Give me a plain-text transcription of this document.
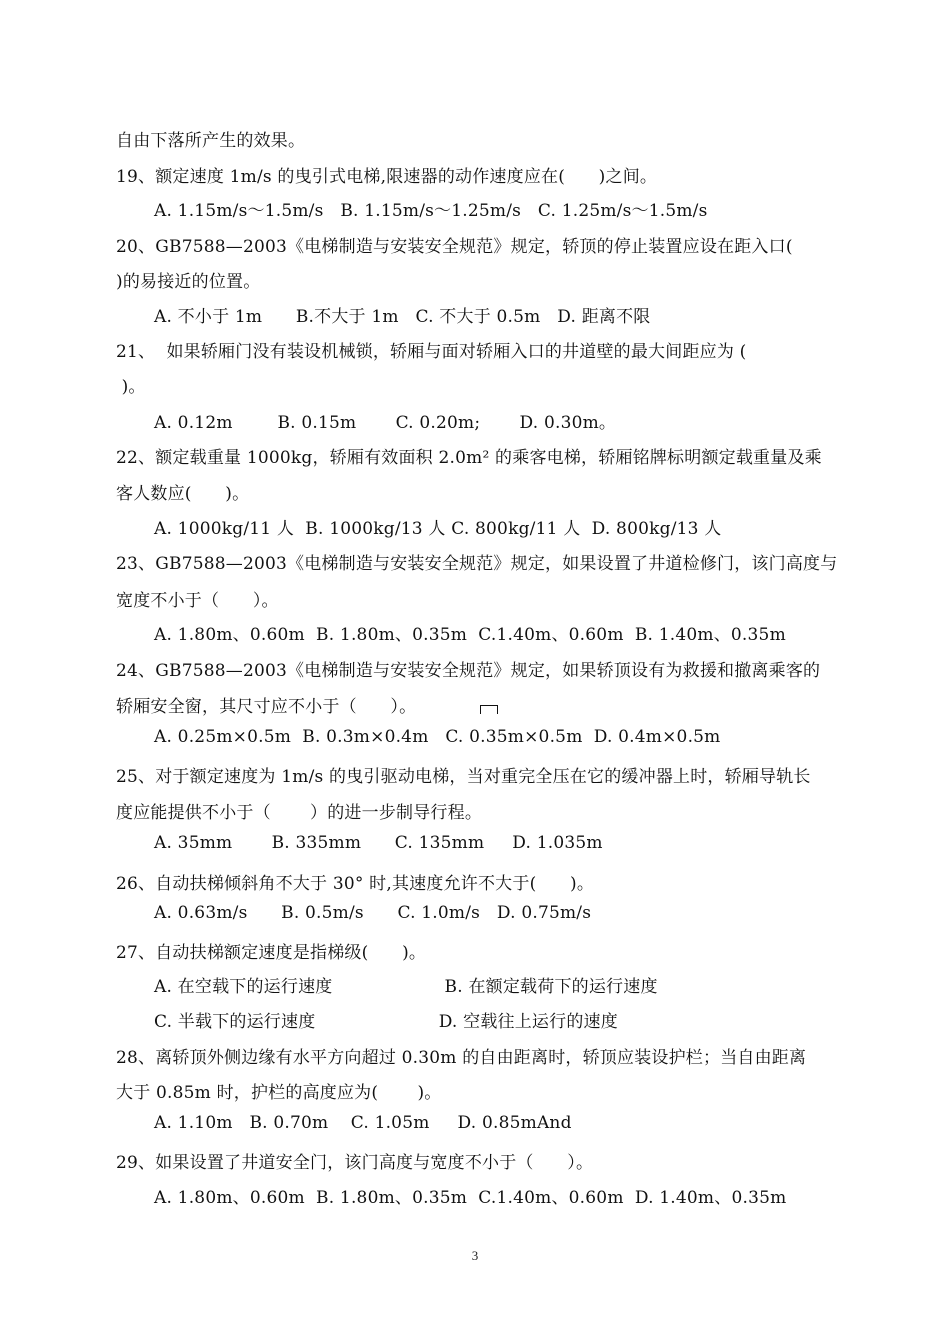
自由下落所产生的效果。
19、额定速度 1m/s 的曳引式电梯,限速器的动作速度应在(      )之间。
A. 1.15m/s～1.5m/s   B. 1.15m/s～1.25m/s   C. 1.25m/s～1.5m/s
20、GB7588—2003《电梯制造与安装安全规范》规定，轿顶的停止装置应设在距入口(
)的易接近的位置。
A. 不小于 1m      B.不大于 1m   C. 不大于 0.5m   D. 距离不限
21、  如果轿厢门没有装设机械锁，轿厢与面对轿厢入口的井道壁的最大间距应为 (
)。
A. 0.12m        B. 0.15m       C. 0.20m;       D. 0.30m。
22、额定载重量 1000kg，轿厢有效面积 2.0m² 的乘客电梯，轿厢铭牌标明额定载重量及乘
客人数应(      )。
A. 1000kg/11 人  B. 1000kg/13 人 C. 800kg/11 人  D. 800kg/13 人
23、GB7588—2003《电梯制造与安装安全规范》规定，如果设置了井道检修门，该门高度与
宽度不小于（      ）。
A. 1.80m、0.60m  B. 1.80m、0.35m  C.1.40m、0.60m  B. 1.40m、0.35m
24、GB7588—2003《电梯制造与安装安全规范》规定，如果轿顶设有为救援和撤离乘客的
轿厢安全窗，其尺寸应不小于（      ）。
A. 0.25m×0.5m  B. 0.3m×0.4m   C. 0.35m×0.5m  D. 0.4m×0.5m
25、对于额定速度为 1m/s 的曳引驱动电梯，当对重完全压在它的缓冲器上时，轿厢导轨长
度应能提供不小于（       ）的进一步制导行程。
A. 35mm       B. 335mm      C. 135mm     D. 1.035m
26、自动扶梯倾斜角不大于 30° 时,其速度允许不大于(      )。
A. 0.63m/s      B. 0.5m/s      C. 1.0m/s   D. 0.75m/s
27、自动扶梯额定速度是指梯级(      )。
A. 在空载下的运行速度                    B. 在额定载荷下的运行速度
C. 半载下的运行速度                      D. 空载往上运行的速度
28、离轿顶外侧边缘有水平方向超过 0.30m 的自由距离时，轿顶应装设护栏；当自由距离
大于 0.85m 时，护栏的高度应为(       )。
A. 1.10m   B. 0.70m    C. 1.05m     D. 0.85mAnd
29、如果设置了井道安全门，该门高度与宽度不小于（      ）。
A. 1.80m、0.60m  B. 1.80m、0.35m  C.1.40m、0.60m  D. 1.40m、0.35m
3
